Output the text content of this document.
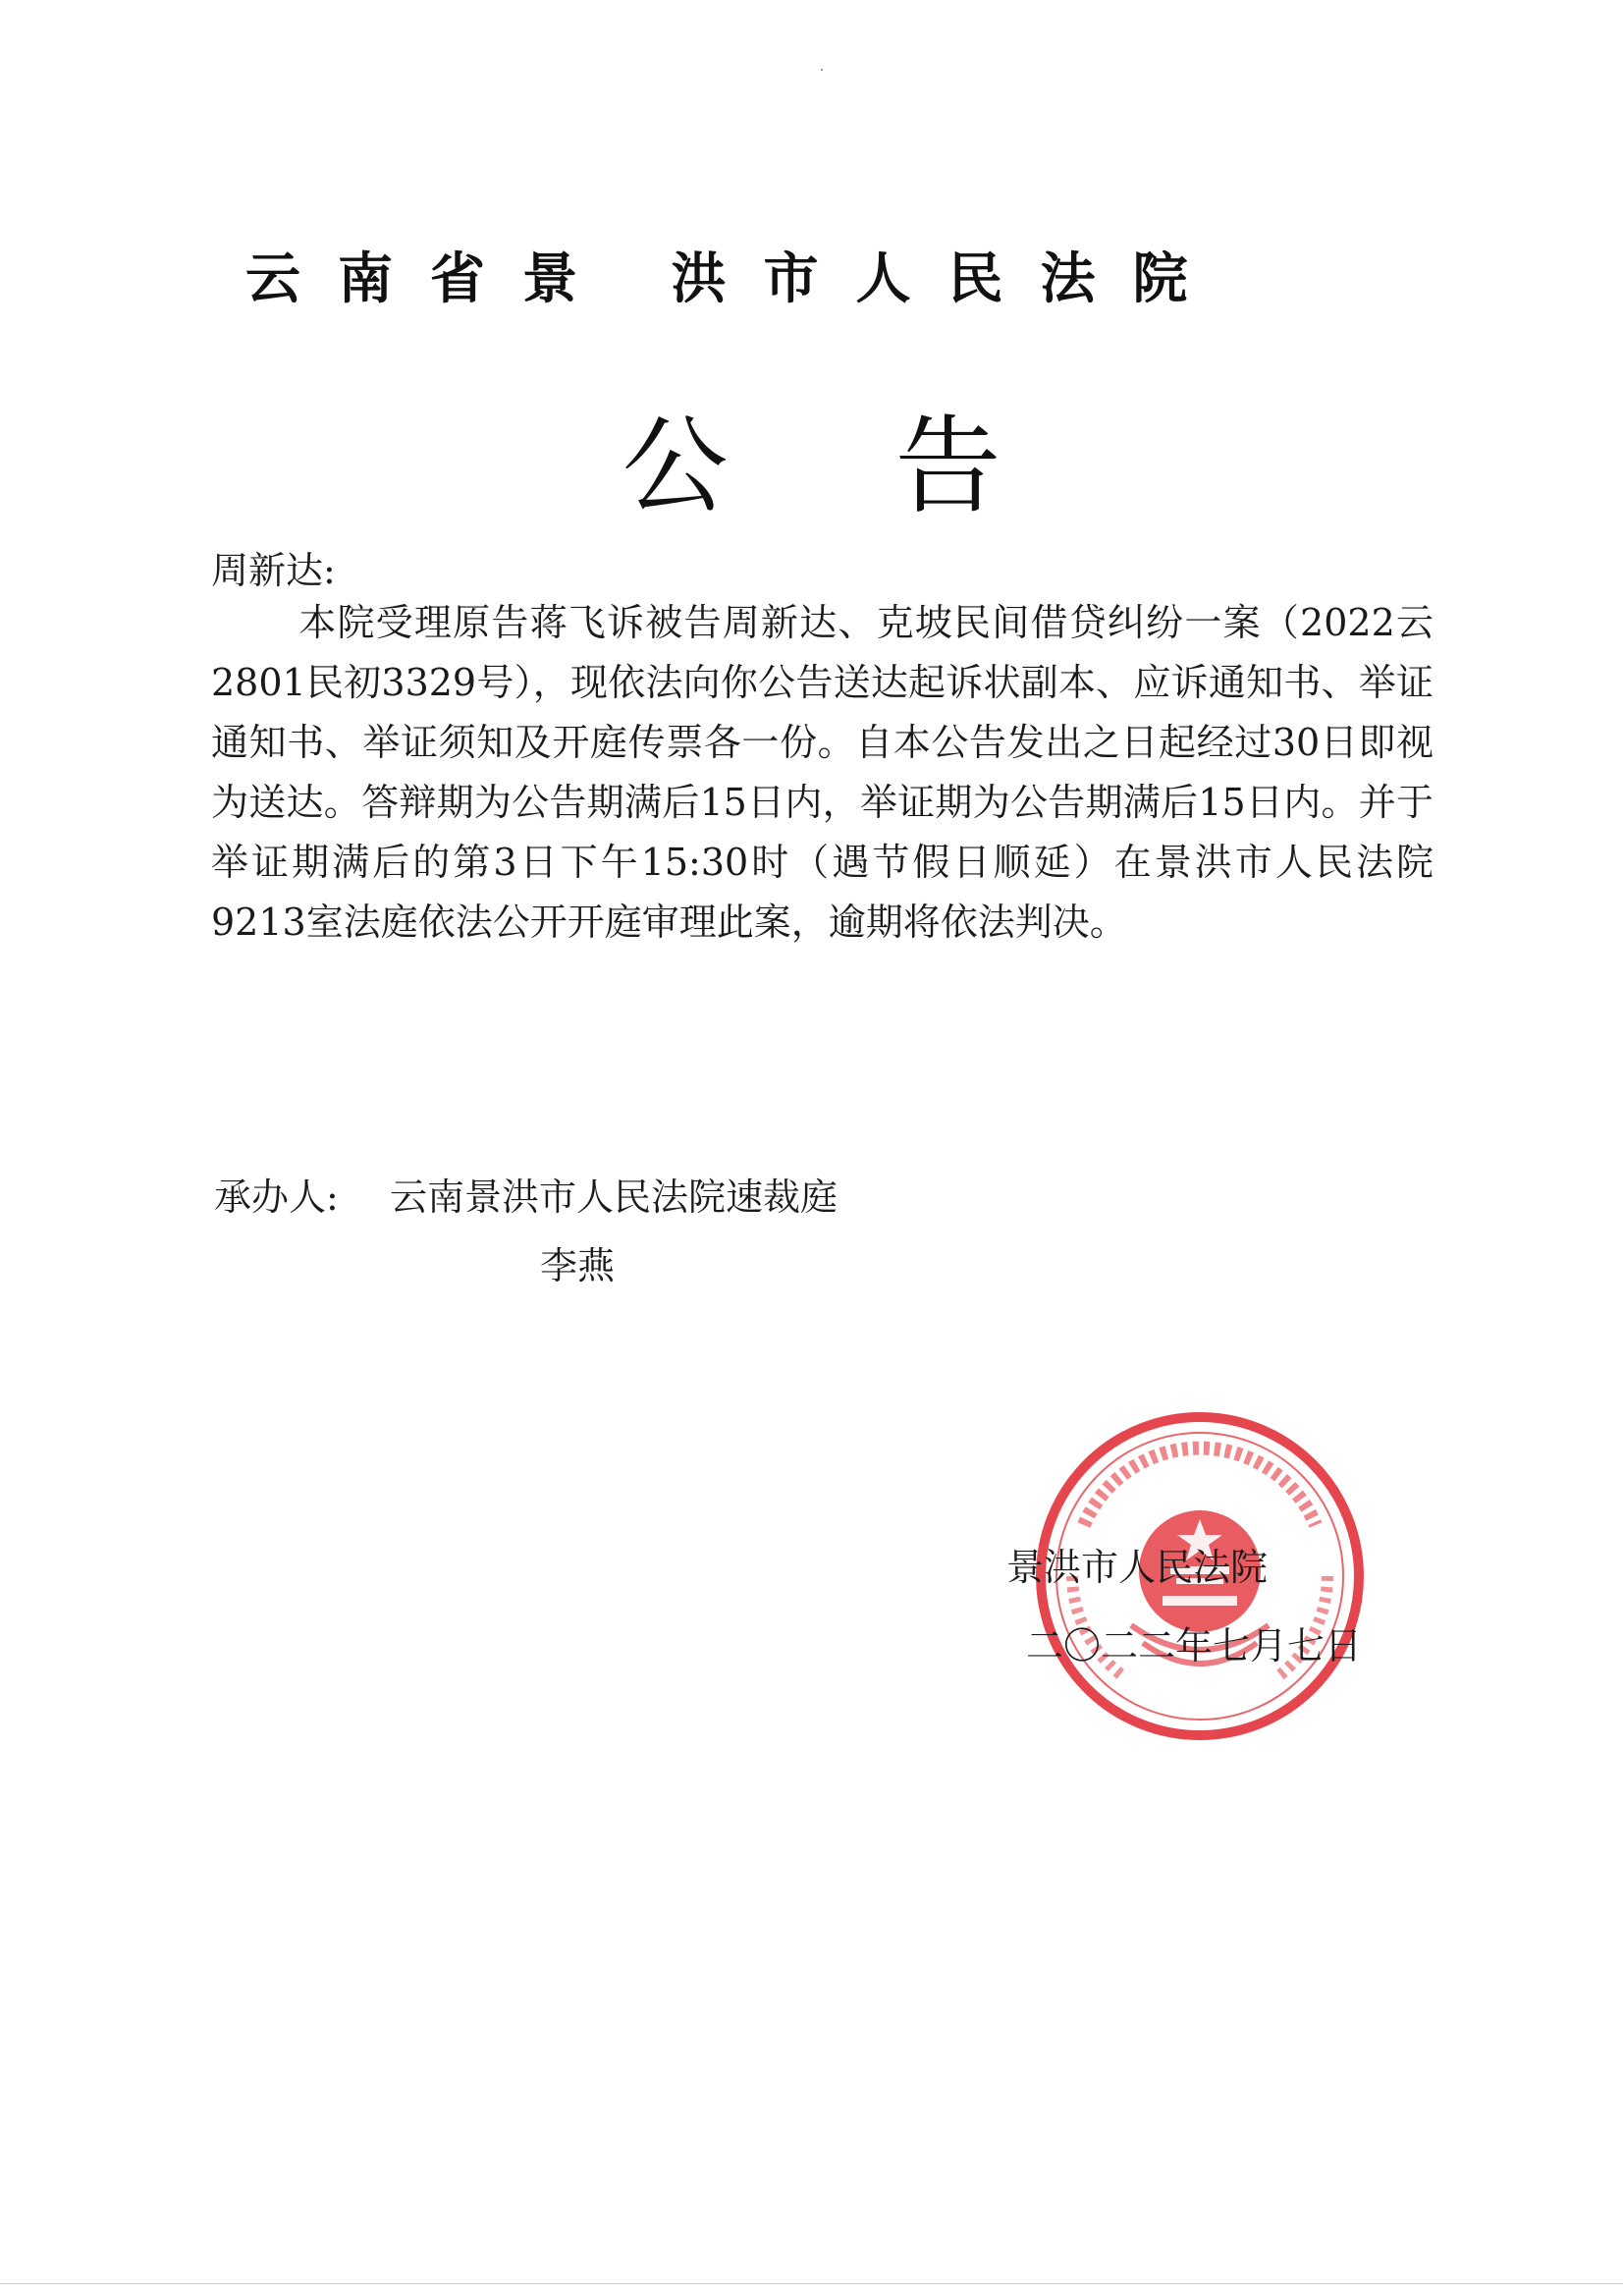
云南省景 洪市人民法院
公告
周新达:

本院受理原告蒋飞诉被告周新达、克坡民间借贷纠纷一案（2022云2801民初3329号），现依法向你公告送达起诉状副本、应诉通知书、举证通知书、举证须知及开庭传票各一份。自本公告发出之日起经过30日即视为送达。答辩期为公告期满后15日内，举证期为公告期满后15日内。并于举证期满后的第3日下午15:30时（遇节假日顺延）在景洪市人民法院9213室法庭依法公开开庭审理此案，逾期将依法判决。

承办人: 云南景洪市人民法院速裁庭
李燕
景洪市人民法院
二〇二二年七月七日
